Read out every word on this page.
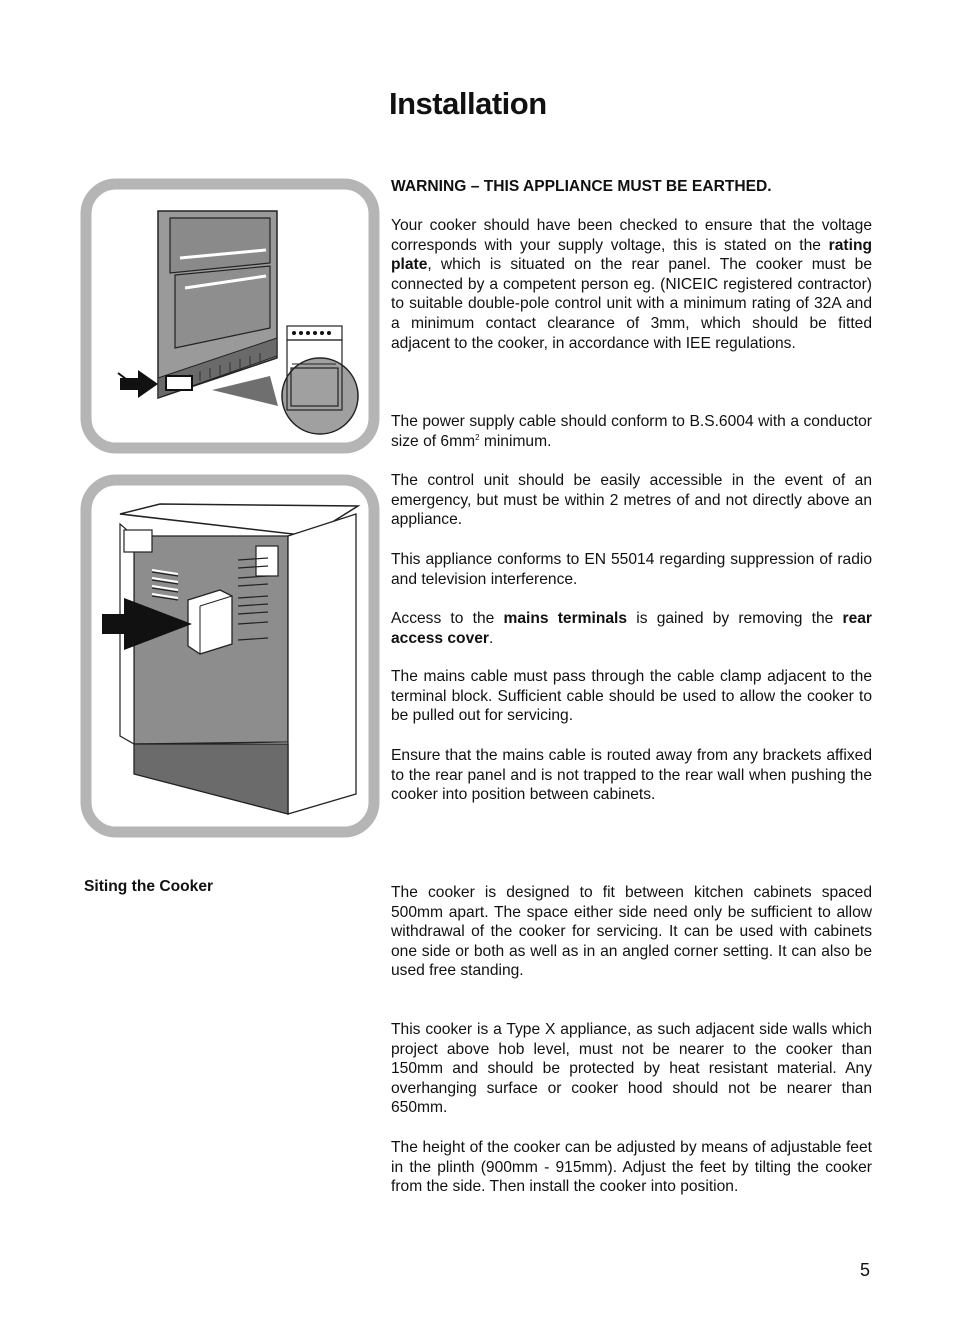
Installation

WARNING – THIS APPLIANCE MUST BE EARTHED.

Your cooker should have been checked to ensure that the voltage corresponds with your supply voltage, this is stated on the rating plate, which is situated on the rear panel. The cooker must be connected by a competent person eg. (NICEIC registered contractor) to suitable double-pole control unit with a minimum rating of 32A and a minimum contact clearance of 3mm, which should be fitted adjacent to the cooker, in accordance with IEE regulations.

The power supply cable should conform to B.S.6004 with a conductor size of $6mm^2$ minimum.

The control unit should be easily accessible in the event of an emergency, but must be within 2 metres of and not directly above an appliance.

This appliance conforms to EN 55014 regarding suppression of radio and television interference.

Access to the mains terminals is gained by removing the rear access cover.

The mains cable must pass through the cable clamp adjacent to the terminal block. Sufficient cable should be used to allow the cooker to be pulled out for servicing.

Ensure that the mains cable is routed away from any brackets affixed to the rear panel and is not trapped to the rear wall when pushing the cooker into position between cabinets.

Siting the Cooker	The cooker is designed to fit between kitchen cabinets spaced 500mm apart. The space either side need only be sufficient to allow withdrawal of the cooker for servicing. It can be used with cabinets one side or both as well as in an angled corner setting. It can also be used free standing.

This cooker is a Type X appliance, as such adjacent side walls which project above hob level, must not be nearer to the cooker than 150mm and should be protected by heat resistant material. Any overhanging surface or cooker hood should not be nearer than 650mm.

The height of the cooker can be adjusted by means of adjustable feet in the plinth (900mm - 915mm). Adjust the feet by tilting the cooker from the side. Then install the cooker into position.

5
